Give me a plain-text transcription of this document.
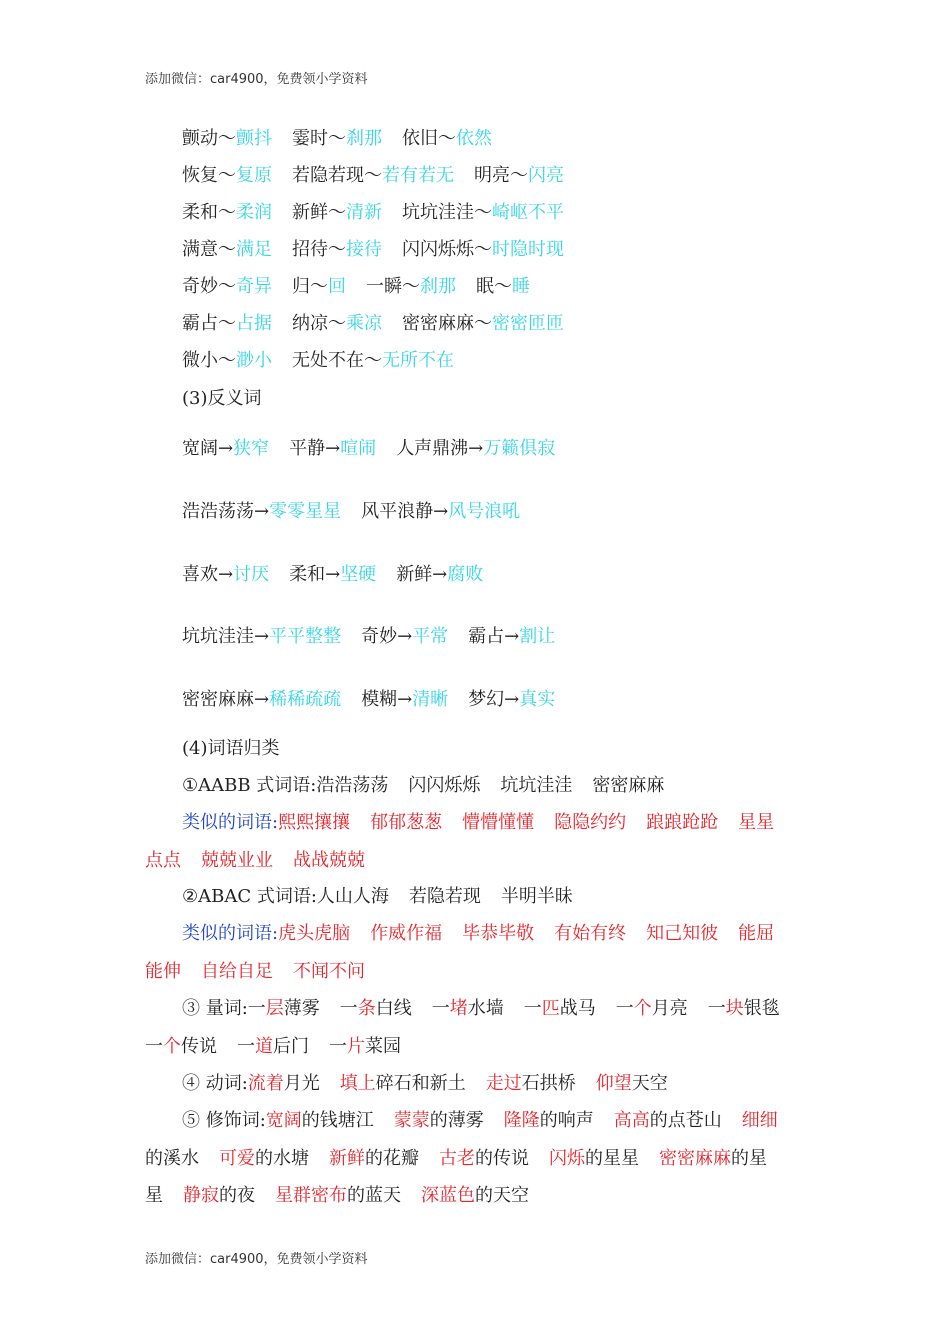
添加微信：car4900，免费领小学资料
颤动～颤抖 霎时～刹那 依旧～依然
恢复～复原 若隐若现～若有若无 明亮～闪亮
柔和～柔润 新鲜～清新 坑坑洼洼～崎岖不平
满意～满足 招待～接待 闪闪烁烁～时隐时现
奇妙～奇异 归～回 一瞬～刹那 眠～睡
霸占～占据 纳凉～乘凉 密密麻麻～密密匝匝
微小～渺小 无处不在～无所不在
(3)反义词
宽阔→狭窄 平静→喧闹 人声鼎沸→万籁俱寂
浩浩荡荡→零零星星 风平浪静→风号浪吼
喜欢→讨厌 柔和→坚硬 新鲜→腐败
坑坑洼洼→平平整整 奇妙→平常 霸占→割让
密密麻麻→稀稀疏疏 模糊→清晰 梦幻→真实
(4)词语归类
①AABB 式词语:浩浩荡荡 闪闪烁烁 坑坑洼洼 密密麻麻
类似的词语:熙熙攘攘 郁郁葱葱 懵懵懂懂 隐隐约约 踉踉跄跄 星星
点点 兢兢业业 战战兢兢
②ABAC 式词语:人山人海 若隐若现 半明半昧
类似的词语:虎头虎脑 作威作福 毕恭毕敬 有始有终 知己知彼 能屈
能伸 自给自足 不闻不问
③ 量词:一层薄雾 一条白线 一堵水墙 一匹战马 一个月亮 一块银毯
一个传说 一道后门 一片菜园
④ 动词:流着月光 填上碎石和新土 走过石拱桥 仰望天空
⑤ 修饰词:宽阔的钱塘江 蒙蒙的薄雾 隆隆的响声 高高的点苍山 细细
的溪水 可爱的水塘 新鲜的花瓣 古老的传说 闪烁的星星 密密麻麻的星
星 静寂的夜 星群密布的蓝天 深蓝色的天空
添加微信：car4900，免费领小学资料
